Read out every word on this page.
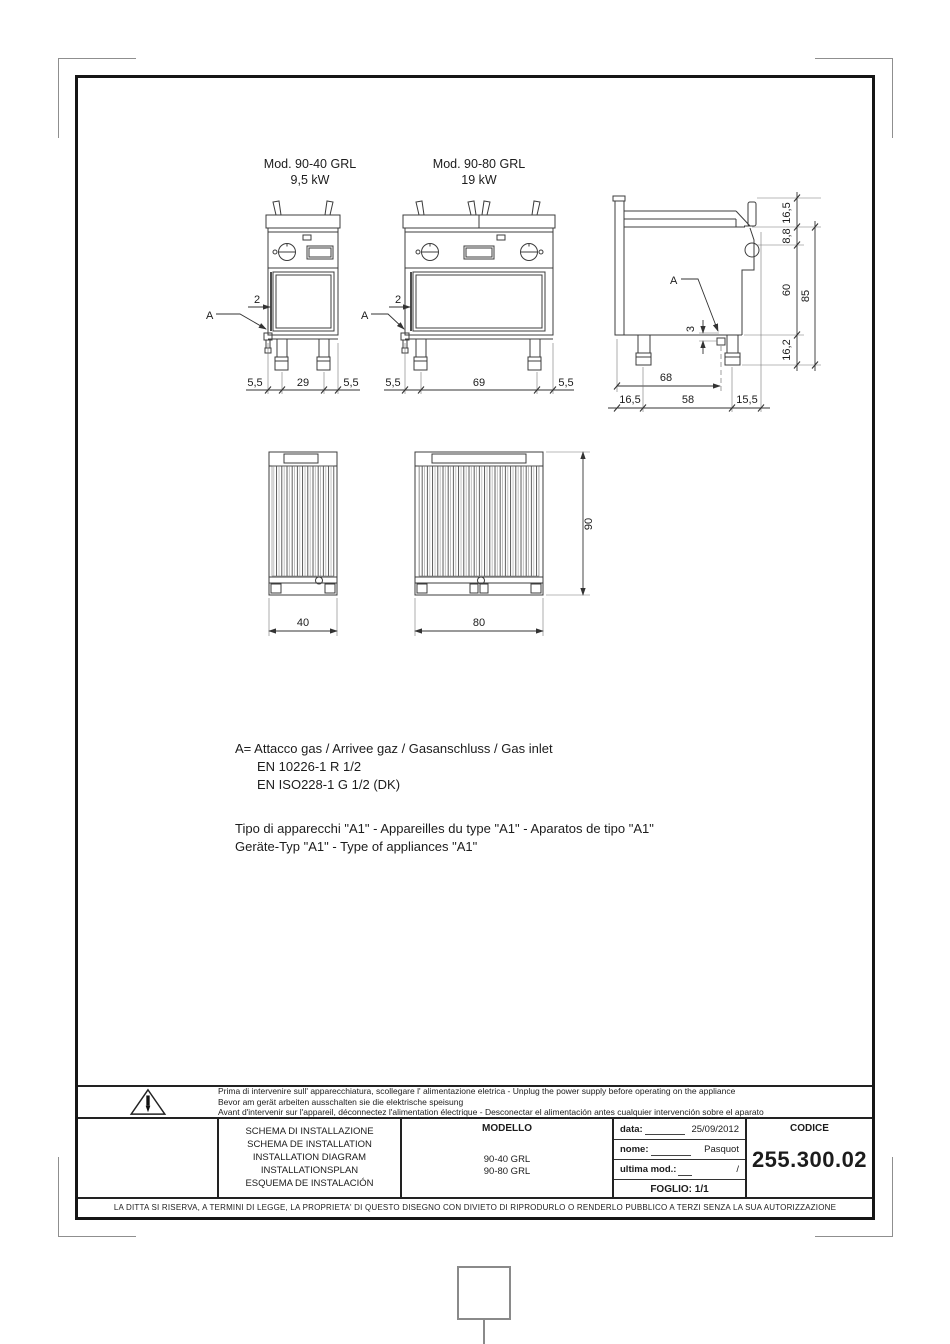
Mod. 90-40 GRL
9,5 kW
Mod. 90-80 GRL
19 kW
2
A
5,5	29	5,5
2
A
5,5	69	5,5
A
3
16,5
8,8
60
16,2
85
68
16,5	58	15,5
40	80
90
A= Attacco gas / Arrivee gaz / Gasanschluss / Gas inlet
EN 10226-1 R 1/2
EN ISO228-1 G 1/2 (DK)
Tipo di apparecchi "A1" - Appareilles du type "A1" - Aparatos de tipo "A1"
Geräte-Typ "A1" - Type of appliances "A1"
Prima di intervenire sull' apparecchiatura, scollegare l' alimentazione eletrica - Unplug the power supply before operating on the appliance
Bevor am gerät arbeiten ausschalten sie die elektrische speisung
Avant d'intervenir sur l'appareil, déconnectez l'alimentation électrique - Desconectar el alimentación antes cualquier intervención sobre el aparato
SCHEMA DI INSTALLAZIONE
SCHEMA DE INSTALLATION
INSTALLATION DIAGRAM
INSTALLATIONSPLAN
ESQUEMA DE INSTALACIÓN
MODELLO
90-40 GRL
90-80 GRL
data:	25/09/2012
nome:	Pasquot
ultima mod.:	/
FOGLIO: 1/1
CODICE
255.300.02
LA DITTA SI RISERVA, A TERMINI DI LEGGE, LA PROPRIETA' DI QUESTO DISEGNO CON DIVIETO DI RIPRODURLO O RENDERLO PUBBLICO A TERZI SENZA LA SUA AUTORIZZAZIONE
